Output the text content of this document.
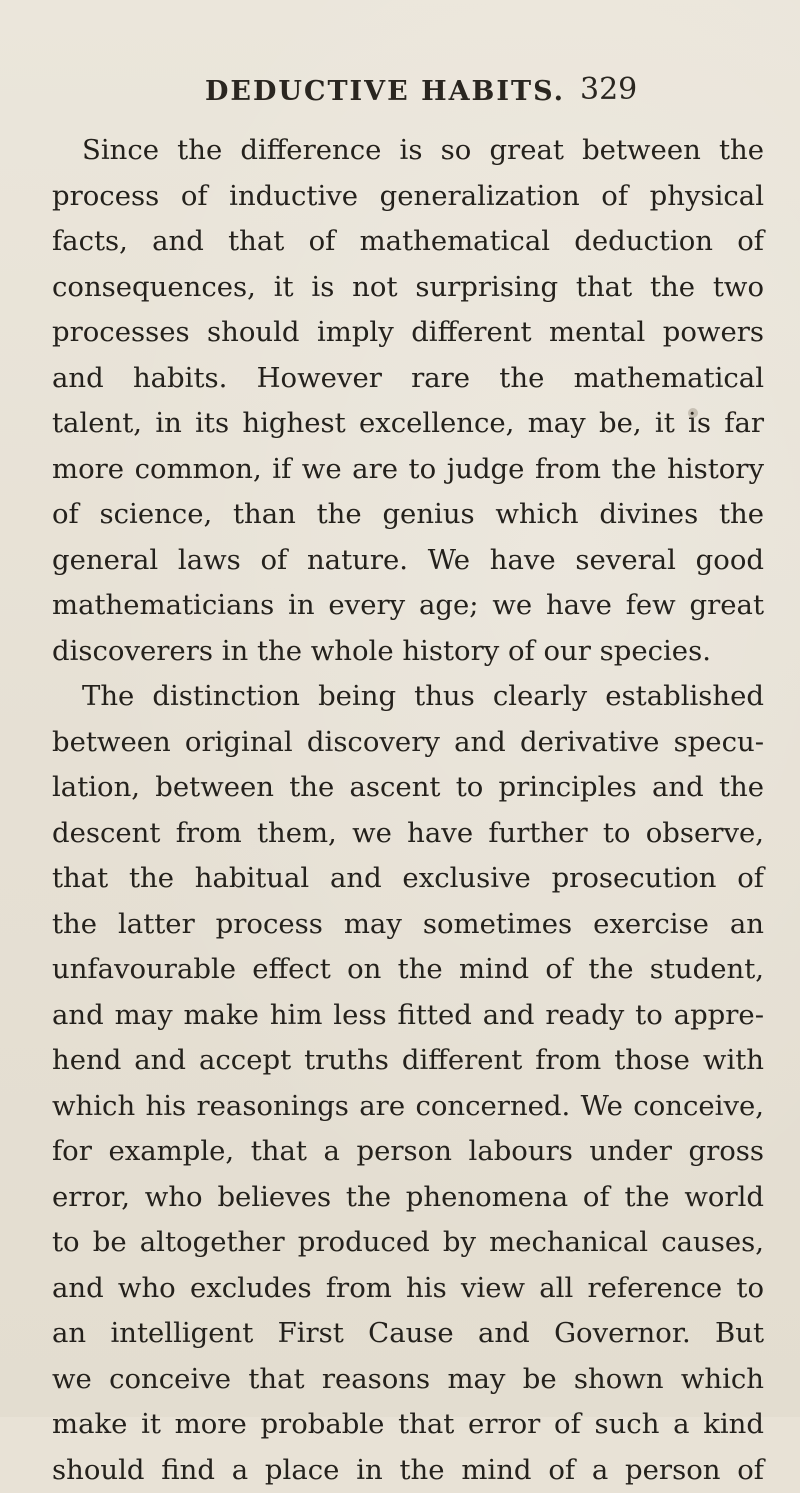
DEDUCTIVE HABITS. 329
Since the difference is so great between the
process of inductive generalization of physical
facts, and that of mathematical deduction of
consequences, it is not surprising that the two
processes should imply different mental powers
and habits. However rare the mathematical
talent, in its highest excellence, may be, it is far
more common, if we are to judge from the history
of science, than the genius which divines the
general laws of nature. We have several good
mathematicians in every age; we have few great
discoverers in the whole history of our species.
The distinction being thus clearly established
between original discovery and derivative specu-
lation, between the ascent to principles and the
descent from them, we have further to observe,
that the habitual and exclusive prosecution of
the latter process may sometimes exercise an
unfavourable effect on the mind of the student,
and may make him less fitted and ready to appre-
hend and accept truths different from those with
which his reasonings are concerned. We conceive,
for example, that a person labours under gross
error, who believes the phenomena of the world
to be altogether produced by mechanical causes,
and who excludes from his view all reference to
an intelligent First Cause and Governor. But
we conceive that reasons may be shown which
make it more probable that error of such a kind
should find a place in the mind of a person of
